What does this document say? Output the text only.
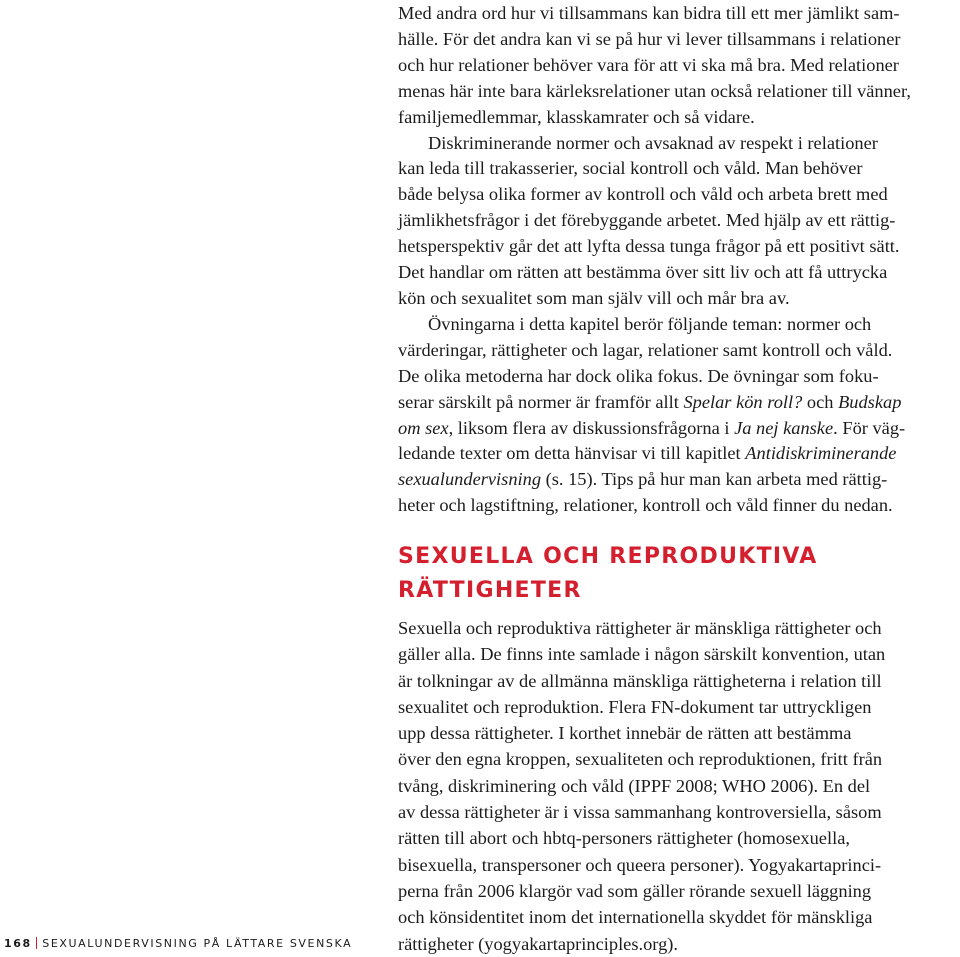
Med andra ord hur vi tillsammans kan bidra till ett mer jämlikt sam-
hälle. För det andra kan vi se på hur vi lever tillsammans i relationer
och hur relationer behöver vara för att vi ska må bra. Med relationer
menas här inte bara kärleksrelationer utan också relationer till vänner,
familjemedlemmar, klasskamrater och så vidare.

Diskriminerande normer och avsaknad av respekt i relationer
kan leda till trakasserier, social kontroll och våld. Man behöver
både belysa olika former av kontroll och våld och arbeta brett med
jämlikhetsfrågor i det förebyggande arbetet. Med hjälp av ett rättig-
hetsperspektiv går det att lyfta dessa tunga frågor på ett positivt sätt.
Det handlar om rätten att bestämma över sitt liv och att få uttrycka
kön och sexualitet som man själv vill och mår bra av.

Övningarna i detta kapitel berör följande teman: normer och
värderingar, rättigheter och lagar, relationer samt kontroll och våld.
De olika metoderna har dock olika fokus. De övningar som foku-
serar särskilt på normer är framför allt Spelar kön roll? och Budskap
om sex, liksom flera av diskussionsfrågorna i Ja nej kanske. För väg-
ledande texter om detta hänvisar vi till kapitlet Antidiskriminerande
sexualundervisning (s. 15). Tips på hur man kan arbeta med rättig-
heter och lagstiftning, relationer, kontroll och våld finner du nedan.

SEXUELLA OCH REPRODUKTIVA RÄTTIGHETER

Sexuella och reproduktiva rättigheter är mänskliga rättigheter och
gäller alla. De finns inte samlade i någon särskilt konvention, utan
är tolkningar av de allmänna mänskliga rättigheterna i relation till
sexualitet och reproduktion. Flera FN-dokument tar uttryckligen
upp dessa rättigheter. I korthet innebär de rätten att bestämma
över den egna kroppen, sexualiteten och reproduktionen, fritt från
tvång, diskriminering och våld (IPPF 2008; WHO 2006). En del
av dessa rättigheter är i vissa sammanhang kontroversiella, såsom
rätten till abort och hbtq-personers rättigheter (homosexuella,
bisexuella, transpersoner och queera personer). Yogyakartaprinci-
perna från 2006 klargör vad som gäller rörande sexuell läggning
och könsidentitet inom det internationella skyddet för mänskliga
rättigheter (yogyakartaprinciples.org).

168 SEXUALUNDERVISNING PÅ LÄTTARE SVENSKA
